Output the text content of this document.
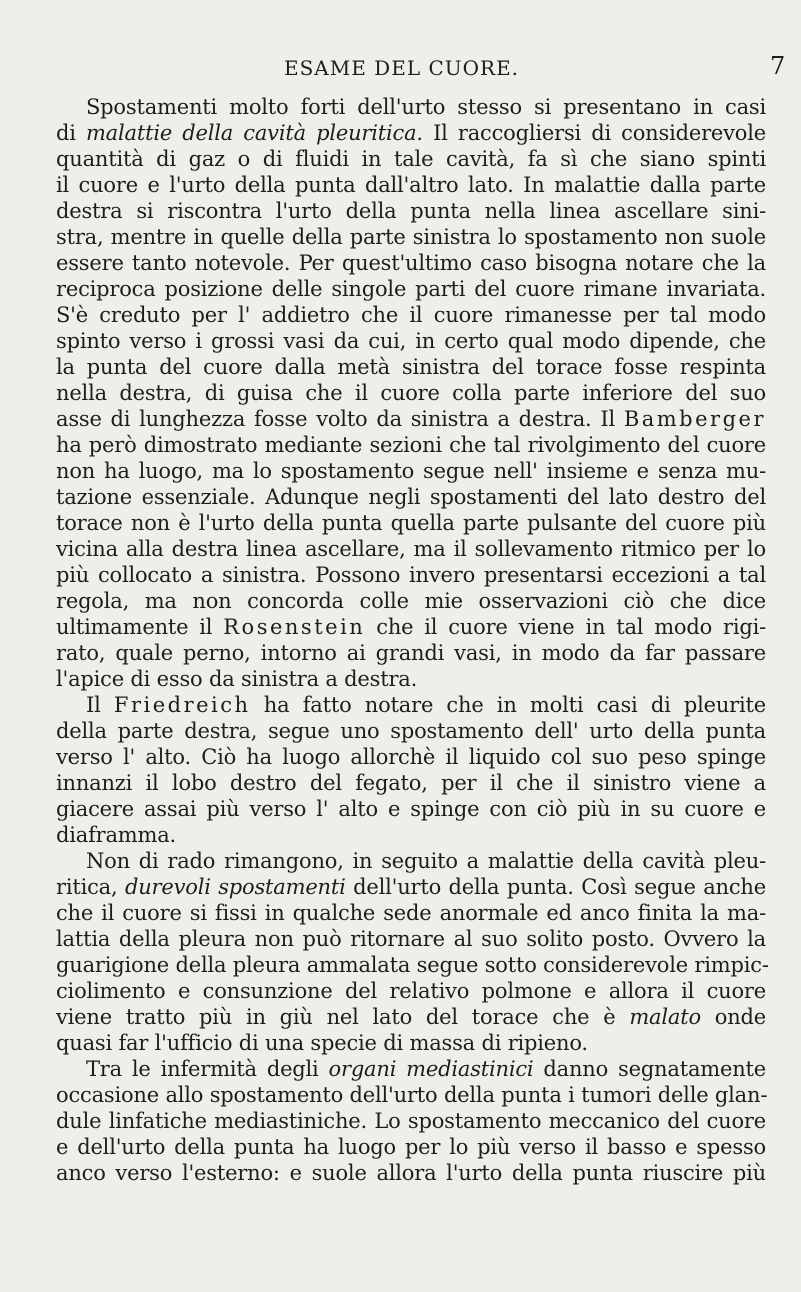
ESAME DEL CUORE.	7
Spostamenti molto forti dell'urto stesso si presentano in casi
di malattie della cavità pleuritica. Il raccogliersi di considerevole
quantità di gaz o di fluidi in tale cavità, fa sì che siano spinti
il cuore e l'urto della punta dall'altro lato. In malattie dalla parte
destra si riscontra l'urto della punta nella linea ascellare sini-
stra, mentre in quelle della parte sinistra lo spostamento non suole
essere tanto notevole. Per quest'ultimo caso bisogna notare che la
reciproca posizione delle singole parti del cuore rimane invariata.
S'è creduto per l' addietro che il cuore rimanesse per tal modo
spinto verso i grossi vasi da cui, in certo qual modo dipende, che
la punta del cuore dalla metà sinistra del torace fosse respinta
nella destra, di guisa che il cuore colla parte inferiore del suo
asse di lunghezza fosse volto da sinistra a destra. Il Bamberger
ha però dimostrato mediante sezioni che tal rivolgimento del cuore
non ha luogo, ma lo spostamento segue nell' insieme e senza mu-
tazione essenziale. Adunque negli spostamenti del lato destro del
torace non è l'urto della punta quella parte pulsante del cuore più
vicina alla destra linea ascellare, ma il sollevamento ritmico per lo
più collocato a sinistra. Possono invero presentarsi eccezioni a tal
regola, ma non concorda colle mie osservazioni ciò che dice
ultimamente il Rosenstein che il cuore viene in tal modo rigi-
rato, quale perno, intorno ai grandi vasi, in modo da far passare
l'apice di esso da sinistra a destra.
Il Friedreich ha fatto notare che in molti casi di pleurite
della parte destra, segue uno spostamento dell' urto della punta
verso l' alto. Ciò ha luogo allorchè il liquido col suo peso spinge
innanzi il lobo destro del fegato, per il che il sinistro viene a
giacere assai più verso l' alto e spinge con ciò più in su cuore e
diaframma.
Non di rado rimangono, in seguito a malattie della cavità pleu-
ritica, durevoli spostamenti dell'urto della punta. Così segue anche
che il cuore si fissi in qualche sede anormale ed anco finita la ma-
lattia della pleura non può ritornare al suo solito posto. Ovvero la
guarigione della pleura ammalata segue sotto considerevole rimpic-
ciolimento e consunzione del relativo polmone e allora il cuore
viene tratto più in giù nel lato del torace che è malato onde
quasi far l'ufficio di una specie di massa di ripieno.
Tra le infermità degli organi mediastinici danno segnatamente
occasione allo spostamento dell'urto della punta i tumori delle glan-
dule linfatiche mediastiniche. Lo spostamento meccanico del cuore
e dell'urto della punta ha luogo per lo più verso il basso e spesso
anco verso l'esterno: e suole allora l'urto della punta riuscire più
